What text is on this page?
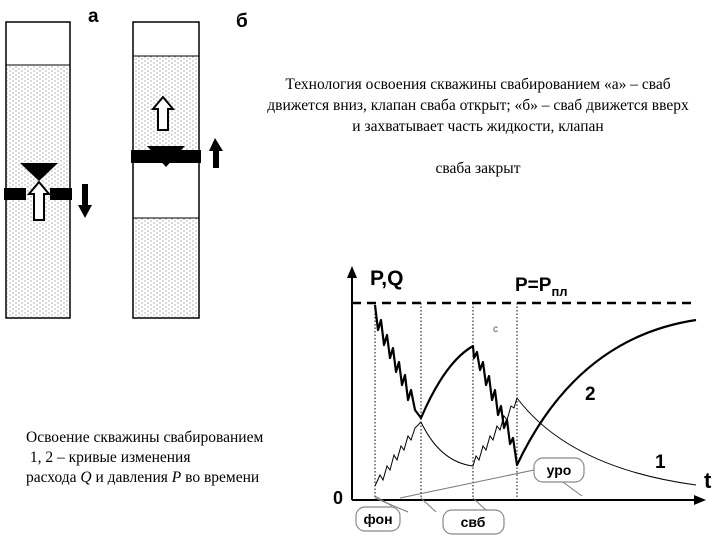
а	б
P,Q
t
0
$P=P_{пл}$
2
1
c
фон	свб
уро
Технология освоения скважины свабированием «а» – сваб движется вниз, клапан сваба открыт; «б» – сваб движется вверх и захватывает часть жидкости, клапан
сваба закрыт
Освоение скважины свабированием
1, 2 – кривые изменения
расхода Q и давления P во времени
